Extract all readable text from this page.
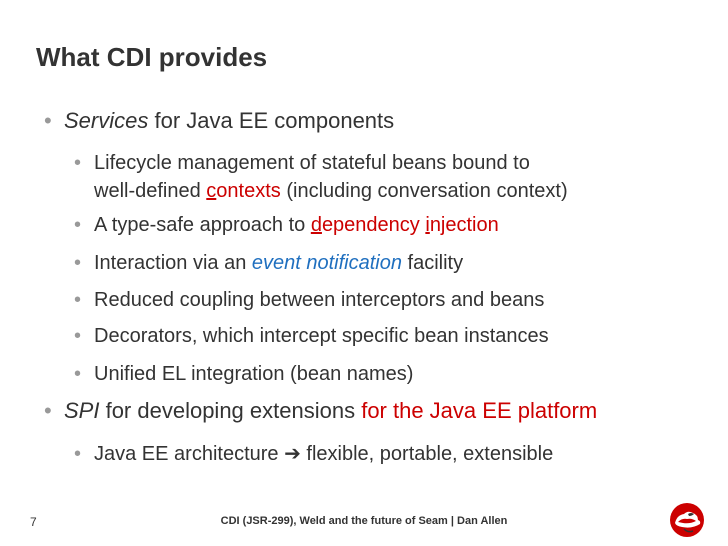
What CDI provides
• Services for Java EE components
• Lifecycle management of stateful beans bound to
well-defined contexts (including conversation context)
• A type-safe approach to dependency injection
• Interaction via an event notification facility
• Reduced coupling between interceptors and beans
• Decorators, which intercept specific bean instances
• Unified EL integration (bean names)
• SPI for developing extensions for the Java EE platform
• Java EE architecture ➔ flexible, portable, extensible
7	CDI (JSR-299), Weld and the future of Seam | Dan Allen
